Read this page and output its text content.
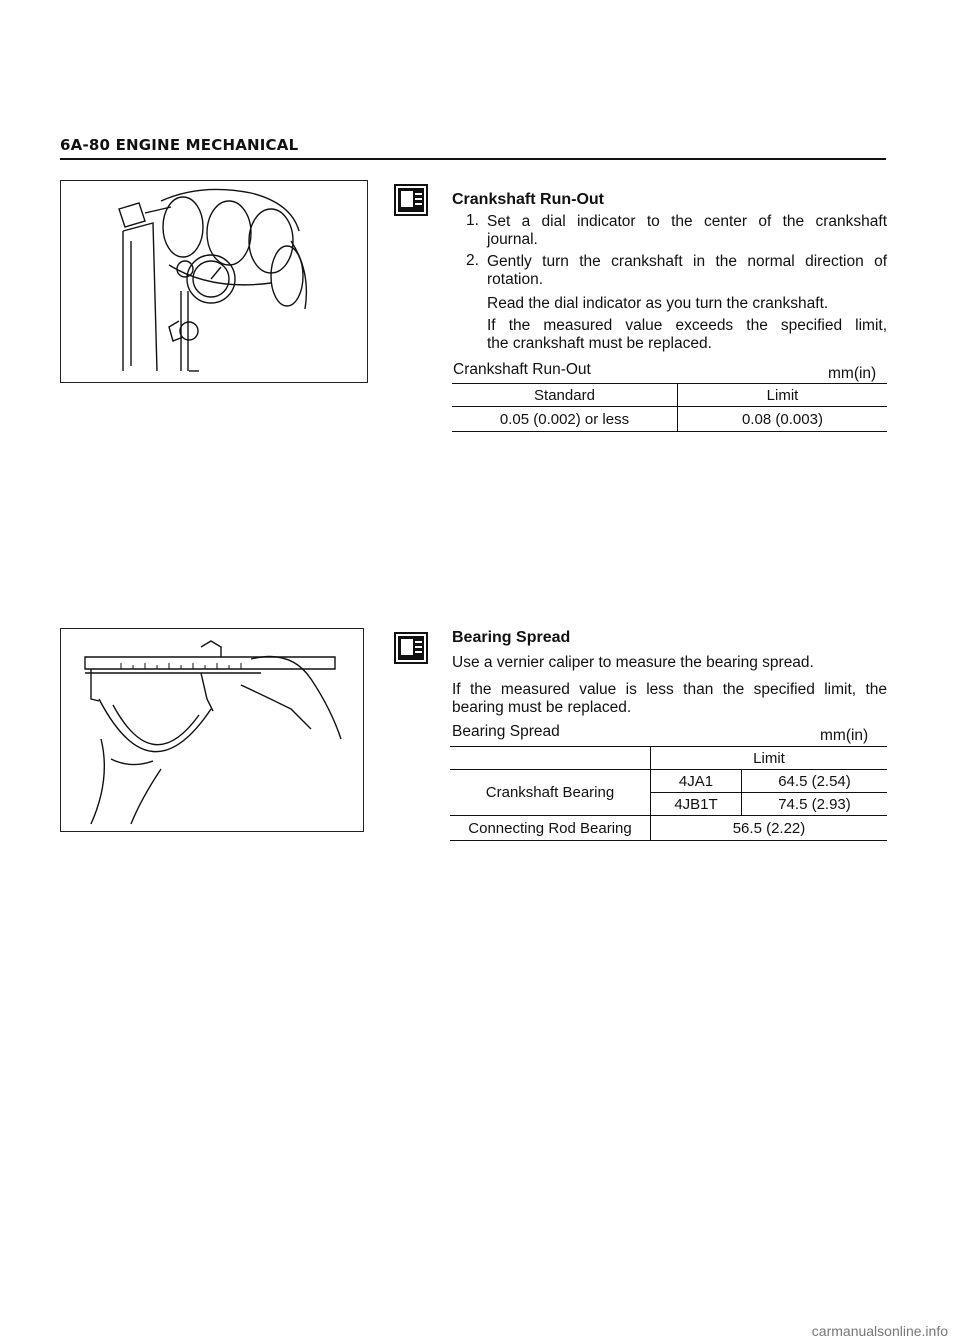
6A-80 ENGINE MECHANICAL
Crankshaft Run-Out
1. Set a dial indicator to the center of the crankshaft
journal.
2. Gently turn the crankshaft in the normal direction of
rotation.
Read the dial indicator as you turn the crankshaft.
If the measured value exceeds the specified limit,
the crankshaft must be replaced.
Crankshaft Run-Out	mm(in)
Standard	Limit
0.05 (0.002) or less	0.08 (0.003)
Bearing Spread
Use a vernier caliper to measure the bearing spread.
If the measured value is less than the specified limit, the
bearing must be replaced.
Bearing Spread	mm(in)
	Limit	
Crankshaft Bearing	4JA1	64.5 (2.54)
	4JB1T	74.5 (2.93)
Connecting Rod Bearing	56.5 (2.22)	
carmanualsonline.info
